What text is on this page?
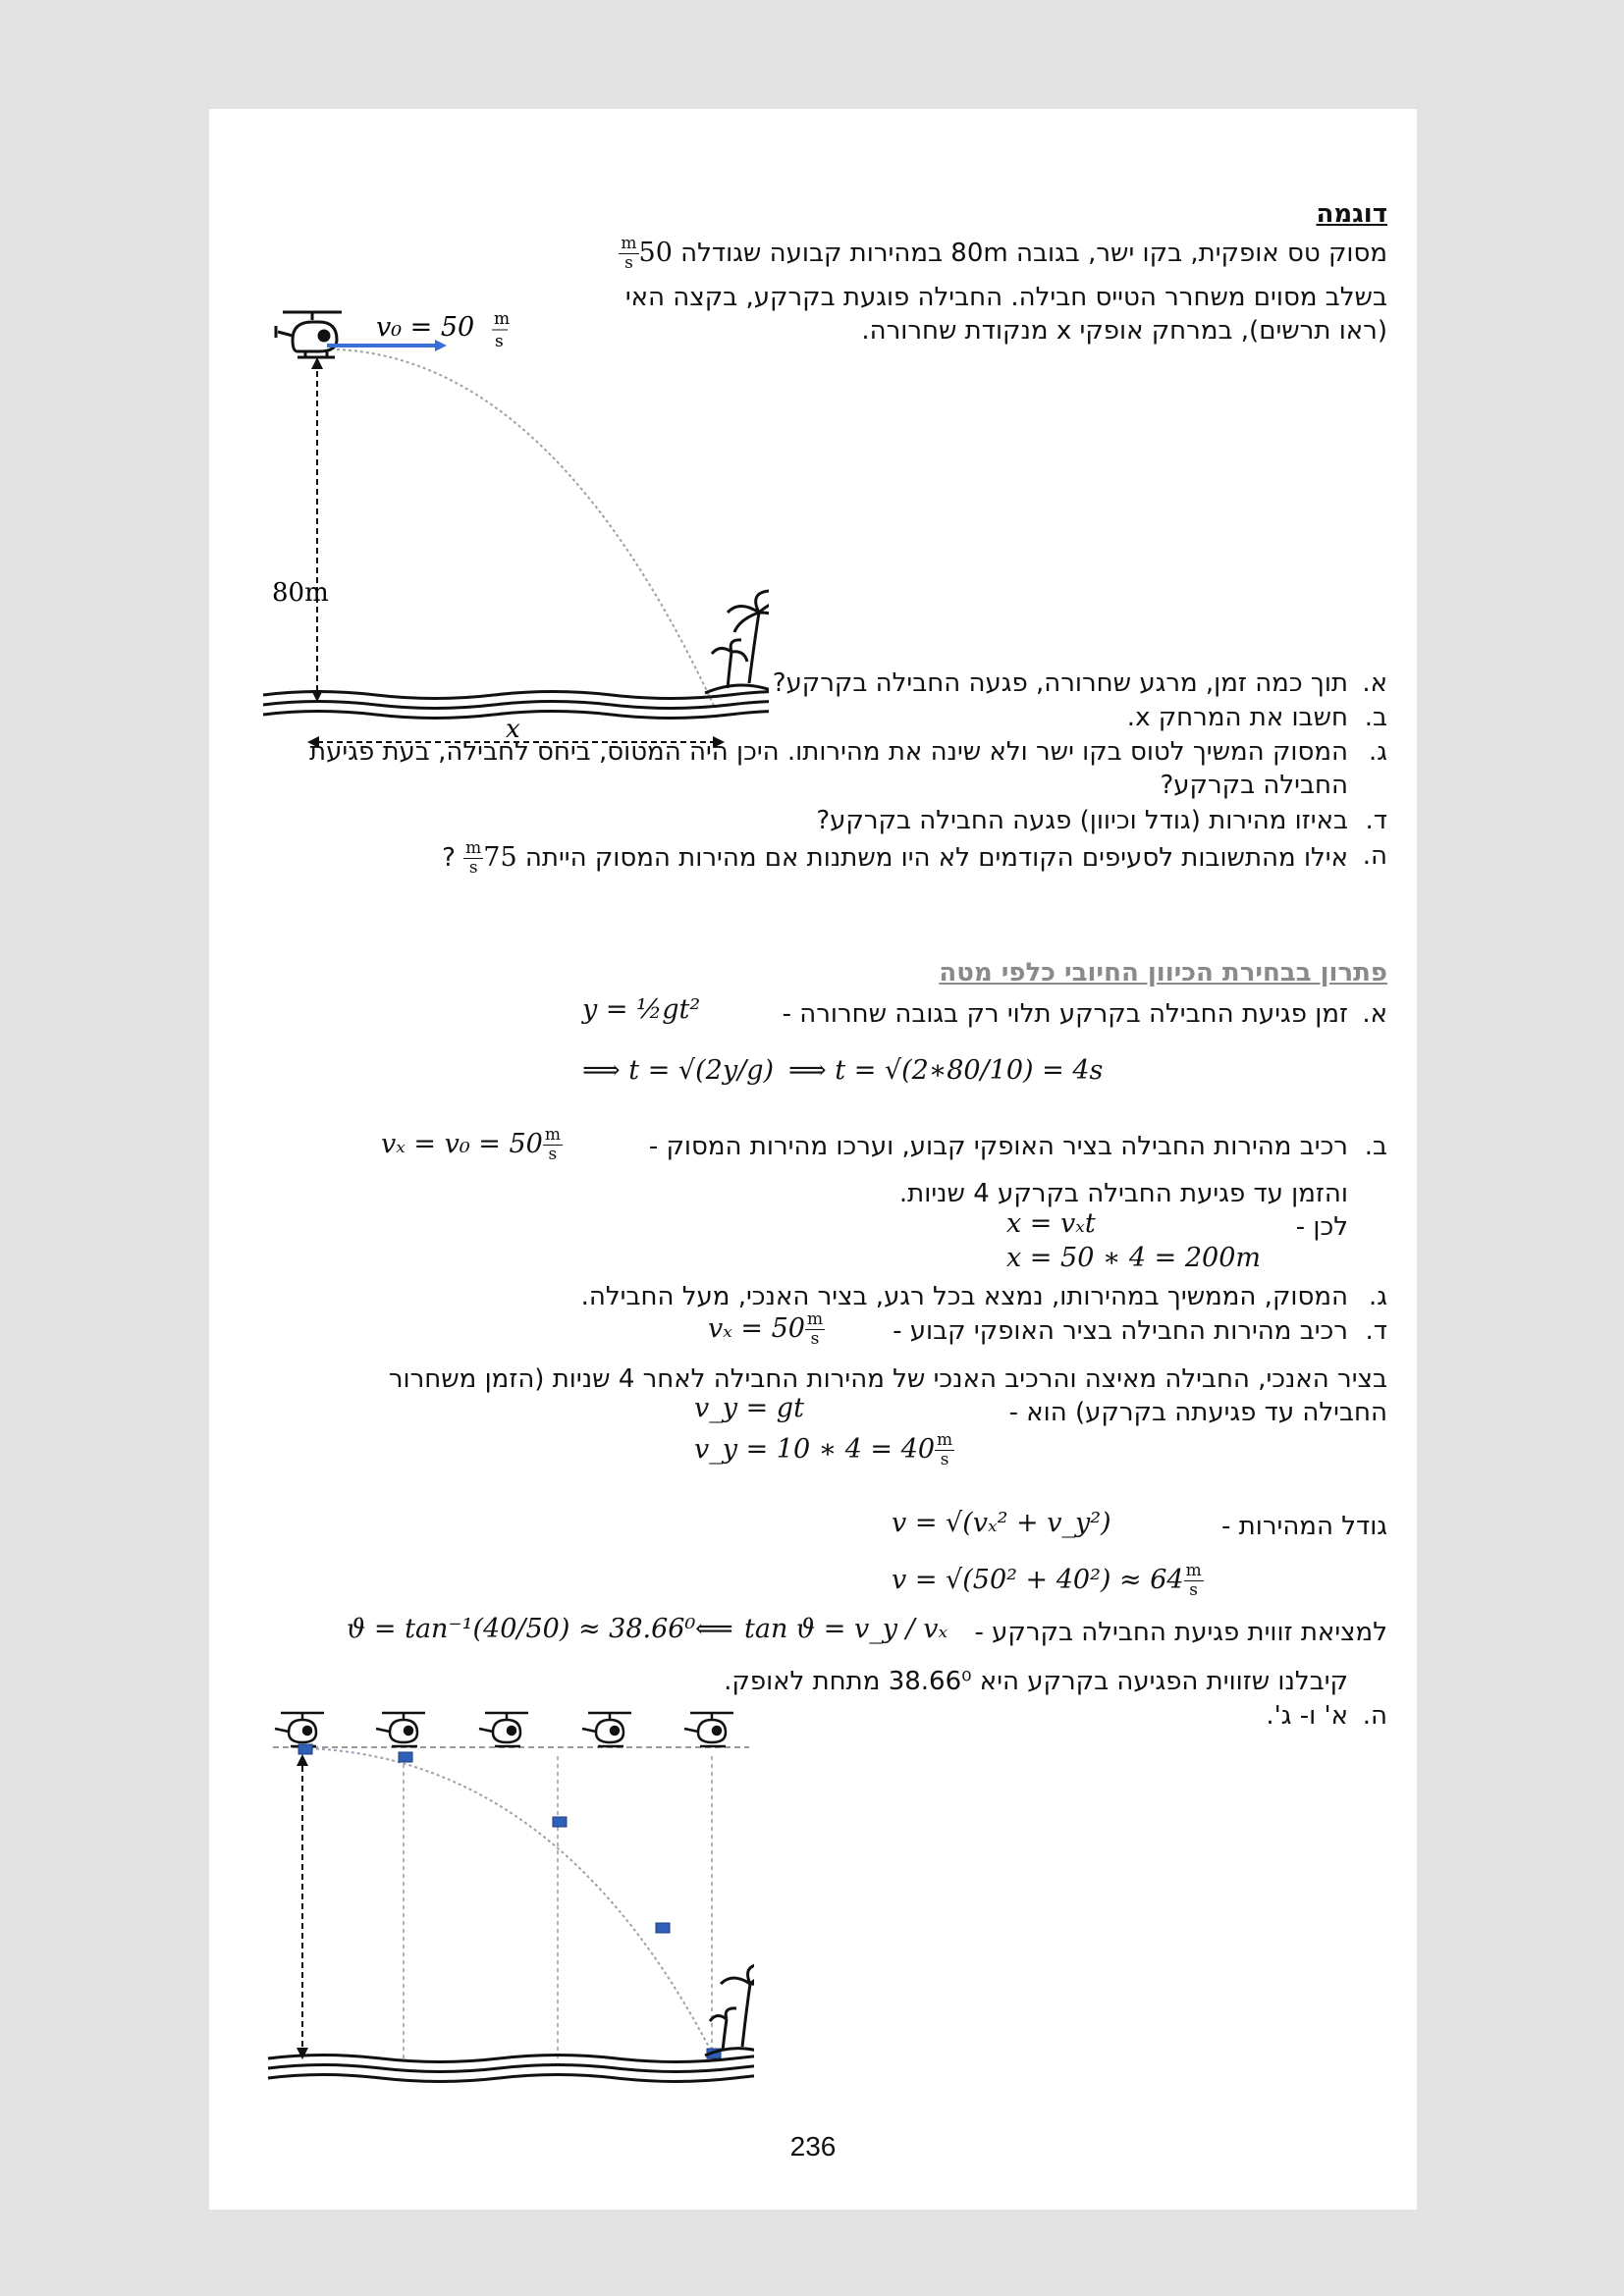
דוגמה
מסוק טס אופקית, בקו ישר, בגובה 80m במהירות קבועה שגודלה 50
$\frac{m}{s}$
בשלב מסוים משחרר הטייס חבילה. החבילה פוגעת בקרקע, בקצה האי
(ראו תרשים), במרחק אופקי x מנקודת שחרורה.
v₀ = 50 m
s
80m
x
א.
תוך כמה זמן, מרגע שחרורה, פגעה החבילה בקרקע?
ב.
חשבו את המרחק x.
ג.
המסוק המשיך לטוס בקו ישר ולא שינה את מהירותו. היכן היה המטוס, ביחס לחבילה, בעת פגיעת
החבילה בקרקע?
ד.
באיזו מהירות (גודל וכיוון) פגעה החבילה בקרקע?
ה.
אילו מהתשובות לסעיפים הקודמים לא היו משתנות אם מהירות המסוק הייתה 75
$\frac{m}{s}$
?
פתרון בבחירת הכיוון החיובי כלפי מטה
א.
זמן פגיעת החבילה בקרקע תלוי רק בגובה שחרורה -
y = ½gt²
⟹ t = √(2y/g) ⟹ t = √(2∗80/10) = 4s
ב.
רכיב מהירות החבילה בציר האופקי קבוע, וערכו מהירות המסוק -
$v_x = v_0 = 50 \frac{m}{s}$
והזמן עד פגיעת החבילה בקרקע 4 שניות.
לכן -
x = vₓt
x = 50 ∗ 4 = 200m
ג.
המסוק, הממשיך במהירותו, נמצא בכל רגע, בציר האנכי, מעל החבילה.
ד.
רכיב מהירות החבילה בציר האופקי קבוע -
$v_x = 50 \frac{m}{s}$
בציר האנכי, החבילה מאיצה והרכיב האנכי של מהירות החבילה לאחר 4 שניות (הזמן משחרור
החבילה עד פגיעתה בקרקע) הוא -
v_y = gt
v_y = 10 ∗ $4 = 40 \frac{m}{s}$
גודל המהירות -
v = √(vₓ² + v_y²)
$v = √(50^2 + 40^2) \approx 64 \frac{m}{s}$
למציאת זווית פגיעת החבילה בקרקע -
tan ϑ = v_y / vₓ
⟸
ϑ = tan⁻¹(40/50) ≈ 38.66⁰
קיבלנו שזווית הפגיעה בקרקע היא 38.66⁰ מתחת לאופק.
ה.
א' ו- ג'.
236
